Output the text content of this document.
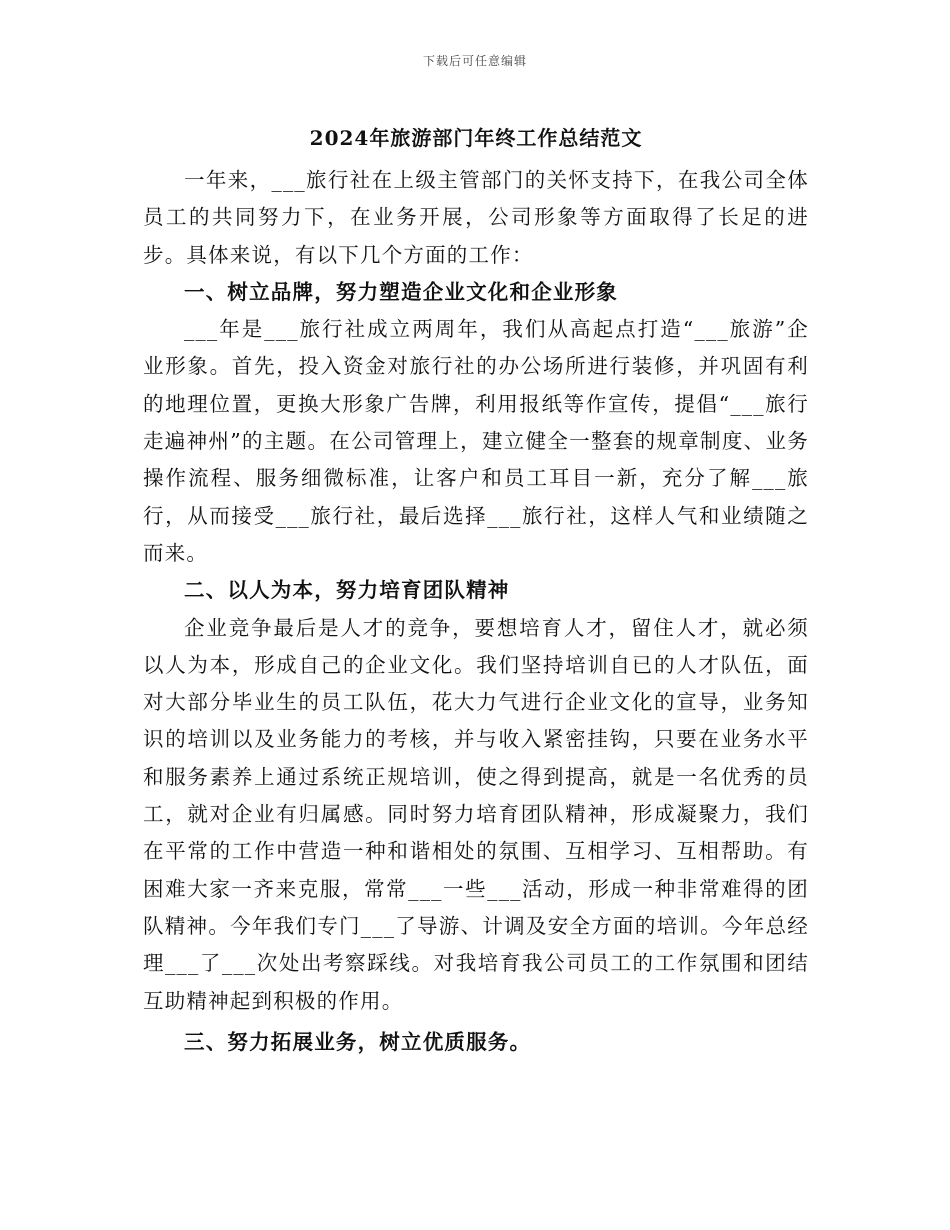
下载后可任意编辑
2024年旅游部门年终工作总结范文

一年来，___旅行社在上级主管部门的关怀支持下，在我公司全体员工的共同努力下，在业务开展，公司形象等方面取得了长足的进步。具体来说，有以下几个方面的工作：

一、树立品牌，努力塑造企业文化和企业形象

___年是___旅行社成立两周年，我们从高起点打造“___旅游”企业形象。首先，投入资金对旅行社的办公场所进行装修，并巩固有利的地理位置，更换大形象广告牌，利用报纸等作宣传，提倡“___旅行走遍神州”的主题。在公司管理上，建立健全一整套的规章制度、业务操作流程、服务细微标准，让客户和员工耳目一新，充分了解___旅行，从而接受___旅行社，最后选择___旅行社，这样人气和业绩随之而来。

二、以人为本，努力培育团队精神

企业竞争最后是人才的竞争，要想培育人才，留住人才，就必须以人为本，形成自己的企业文化。我们坚持培训自已的人才队伍，面对大部分毕业生的员工队伍，花大力气进行企业文化的宣导，业务知识的培训以及业务能力的考核，并与收入紧密挂钩，只要在业务水平和服务素养上通过系统正规培训，使之得到提高，就是一名优秀的员工，就对企业有归属感。同时努力培育团队精神，形成凝聚力，我们在平常的工作中营造一种和谐相处的氛围、互相学习、互相帮助。有困难大家一齐来克服，常常___一些___活动，形成一种非常难得的团队精神。今年我们专门___了导游、计调及安全方面的培训。今年总经理___了___次处出考察踩线。对我培育我公司员工的工作氛围和团结互助精神起到积极的作用。

三、努力拓展业务，树立优质服务。
